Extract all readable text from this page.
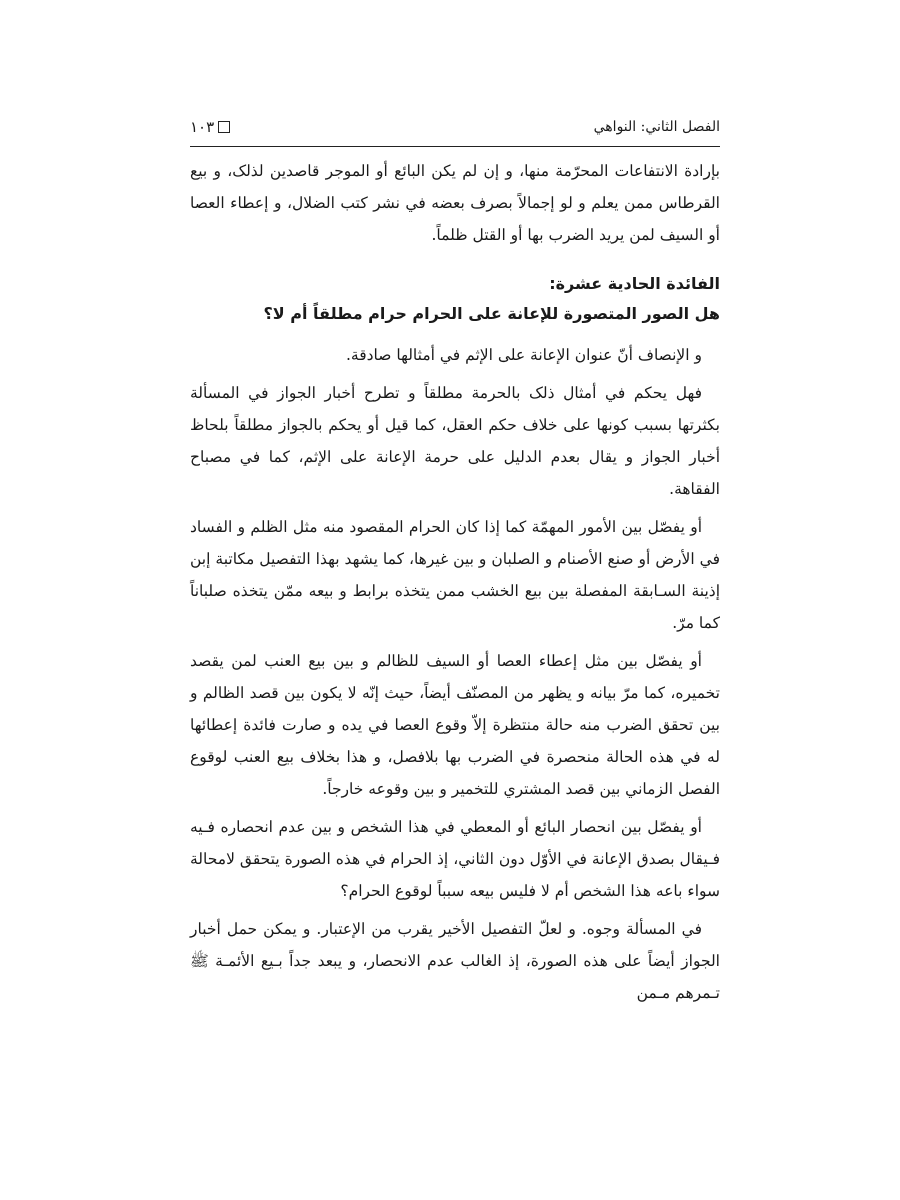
الفصل الثاني: النواهي
١٠٣

بإرادة الانتفاعات المحرّمة منها، و إن لم يكن البائع أو الموجر قاصدين لذلک، و بيع القرطاس ممن يعلم و لو إجمالاً بصرف بعضه في نشر كتب الضلال، و إعطاء العصا أو السيف لمن يريد الضرب بها أو القتل ظلماً.

الفائدة الحادية عشرة:

هل الصور المتصورة للإعانة على الحرام حرام مطلقاً أم لا؟

و الإنصاف أنّ عنوان الإعانة على الإثم في أمثالها صادقة.

فهل يحكم في أمثال ذلک بالحرمة مطلقاً و تطرح أخبار الجواز في المسألة بكثرتها بسبب كونها على خلاف حكم العقل، كما قيل أو يحكم بالجواز مطلقاً بلحاظ أخبار الجواز و يقال بعدم الدليل على حرمة الإعانة على الإثم، كما في مصباح الفقاهة.

أو يفصّل بين الأمور المهمّة كما إذا كان الحرام المقصود منه مثل الظلم و الفساد في الأرض أو صنع الأصنام و الصلبان و بين غيرها، كما يشهد بهذا التفصيل مكاتبة إبن إذينة السـابقة المفصلة بين بيع الخشب ممن يتخذه برابط و بيعه ممّن يتخذه صلباناً كما مرّ.

أو يفصّل بين مثل إعطاء العصا أو السيف للظالم و بين بيع العنب لمن يقصد تخميره، كما مرّ بيانه و يظهر من المصنّف أيضاً، حيث إنّه لا يكون بين قصد الظالم و بين تحقق الضرب منه حالة منتظرة إلاّ وقوع العصا في يده و صارت فائدة إعطائها له في هذه الحالة منحصرة في الضرب بها بلافصل، و هذا بخلاف بيع العنب لوقوع الفصل الزماني بين قصد المشتري للتخمير و بين وقوعه خارجاً.

أو يفصّل بين انحصار البائع أو المعطي في هذا الشخص و بين عدم انحصاره فـيه فـيقال بصدق الإعانة في الأوّل دون الثاني، إذ الحرام في هذه الصورة يتحقق لامحالة سواء باعه هذا الشخص أم لا فليس بيعه سبباً لوقوع الحرام؟

في المسألة وجوه. و لعلّ التفصيل الأخير يقرب من الإعتبار. و يمكن حمل أخبار الجواز أيضاً على هذه الصورة، إذ الغالب عدم الانحصار، و يبعد جداً بـيع الأئمـة ﷺ تـمرهم مـمن
